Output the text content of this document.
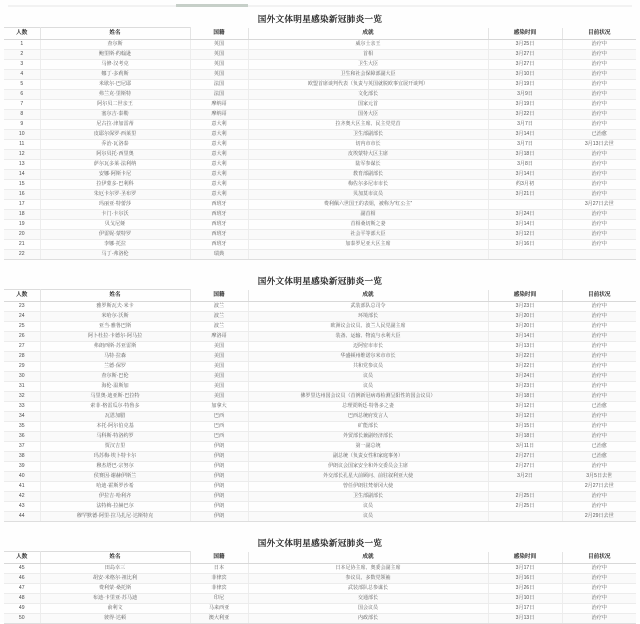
国外文体明星感染新冠肺炎一览
人数	姓名	国籍	成就	感染时间	目前状况
1	查尔斯	英国	威尔士亲王	3月25日	治疗中
2	鲍里斯·约翰逊	英国	首相	3月27日	治疗中
3	马修·汉考克	英国	卫生大臣	3月27日	治疗中
4	娜丁·多莉斯	英国	卫生和社会保障部副大臣	3月10日	治疗中
5	米歇尔·巴尼耶	法国	欧盟首席谈判代表（负责与英国就脱欧事宜展开谈判）	3月19日	治疗中
6	弗兰克·里斯特	法国	文化部长	3月9日	治疗中
7	阿尔贝二世亲王	摩纳哥	国家元首	3月19日	治疗中
8	塞尔吉·泰勒	摩纳哥	国务大臣	3月22日	治疗中
9	尼古拉·津加雷蒂	意大利	拉齐奥大区主席、民主党党首	3月7日	治疗中
10	皮耶尔保罗·西莱里	意大利	卫生部副部长	3月14日	已治愈
11	乔治·瓦洛泰	意大利	切内市市长	3月7日	3月13日去世
12	阿尔贝托·西里奥	意大利	皮埃蒙特大区主席	3月18日	治疗中
13	萨尔瓦多莱·法利纳	意大利	陆军参谋长	3月8日	治疗中
14	安娜·阿斯卡尼	意大利	教育部副部长	3月14日	治疗中
15	拉伊蒙多·巴利科	意大利	梅佐尔多尼市市长	约3月初	治疗中
16	朱厄卡尔罗·圣布罗	意大利	贝加莫市议员	3月21日	治疗中
17	玛丽亚·特蕾莎	西班牙	费利佩六世国王的表姐，被称为“红公主”		3月27日去世
18	卡门·卡尔沃	西班牙	副首相	3月24日	治疗中
19	贝戈尼娅	西班牙	首相桑切斯之妻	3月14日	治疗中
20	伊雷妮·蒙特罗	西班牙	社会平等部大臣	3月12日	治疗中
21	李娜·托拉	西班牙	加泰罗尼亚大区主席	3月16日	治疗中
22	马丁·弗洛伦	瑞典			
国外文体明星感染新冠肺炎一览
人数	姓名	国籍	成就	感染时间	目前状况
23	雅罗斯瓦夫·米卡	波兰	武装部队总司令	3月23日	治疗中
24	米哈尔·沃斯	波兰	环境部长	3月20日	治疗中
25	亚当·雅鲁巴斯	波兰	欧洲议会议员、波兰人民党副主席	3月20日	治疗中
26	阿卜杜拉·卡德尔·阿马拉	摩洛哥	装备、运输、物流与水利大臣	3月14日	治疗中
27	弗朗西斯·苏亚雷斯	美国	迈阿密市市长	3月13日	治疗中
28	马特·拉森	美国	华盛顿州维诺尔米市市长	3月22日	治疗中
29	兰德·保罗	美国	共和党参议员	3月22日	治疗中
30	查尔斯·巴伦	美国	议员	3月24日	治疗中
31	海伦·温斯加	美国	议员	3月23日	治疗中
32	马里奥·迪亚斯·巴拉特	美国	佛罗里达州国会议员（首例新冠病毒检测呈阳性的国会议员）	3月18日	治疗中
33	索菲·格雷瓜尔·特鲁多	加拿大	总理贾斯廷·特鲁多之妻	3月12日	已治愈
34	瓦恩加腊	巴西	巴西总统府发言人	3月12日	治疗中
35	本托·阿尔伯克基	巴西	矿能部长	3月15日	治疗中
36	马科斯·特洛约罗	巴西	外贸部长兼副经济部长	3月18日	治疗中
37	贾汉吉里	伊朗	第一副总统	3月11日	已治愈
38	玛苏梅·埃卜特卡尔	伊朗	副总统（负责女性和家庭事务）	2月27日	已治愈
39	穆杰塔巴·宗努尔	伊朗	伊朗议会国家安全和外交委员会主席	2月27日	治疗中
40	侯赛因·谢赫伊斯兰	伊朗	外交部长孔星大前顾问、前驻叙利亚大使	3月2日	3月5日去世
41	哈迪·霍斯罗沙希	伊朗	曾任伊朗驻梵蒂冈大使		2月27日去世
42	伊拉吉·哈利齐	伊朗	卫生部副部长	2月25日	治疗中
43	法特梅·拉赫巴尔	伊朗	议员	2月25日	治疗中
44	穆罕默德·阿里·拉马扎尼·达斯特克	伊朗	议员		2月29日去世
国外文体明星感染新冠肺炎一览
人数	姓名	国籍	成就	感染时间	目前状况
45	田岛幸三	日本	日本足协主席、奥委会副主席	3月17日	治疗中
46	胡安·米格尔·祖比利	菲律宾	参议员、多数党领袖	3月16日	治疗中
47	费利蒙·桑托斯	菲律宾	武装部队总参谋长	3月26日	治疗中
48	布迪·卡里亚·苏马迪	印尼	交通部长	3月10日	治疗中
49	俞利文	马来西亚	国会议员	3月17日	治疗中
50	彼得·达顿	澳大利亚	内政部长	3月13日	治疗中
